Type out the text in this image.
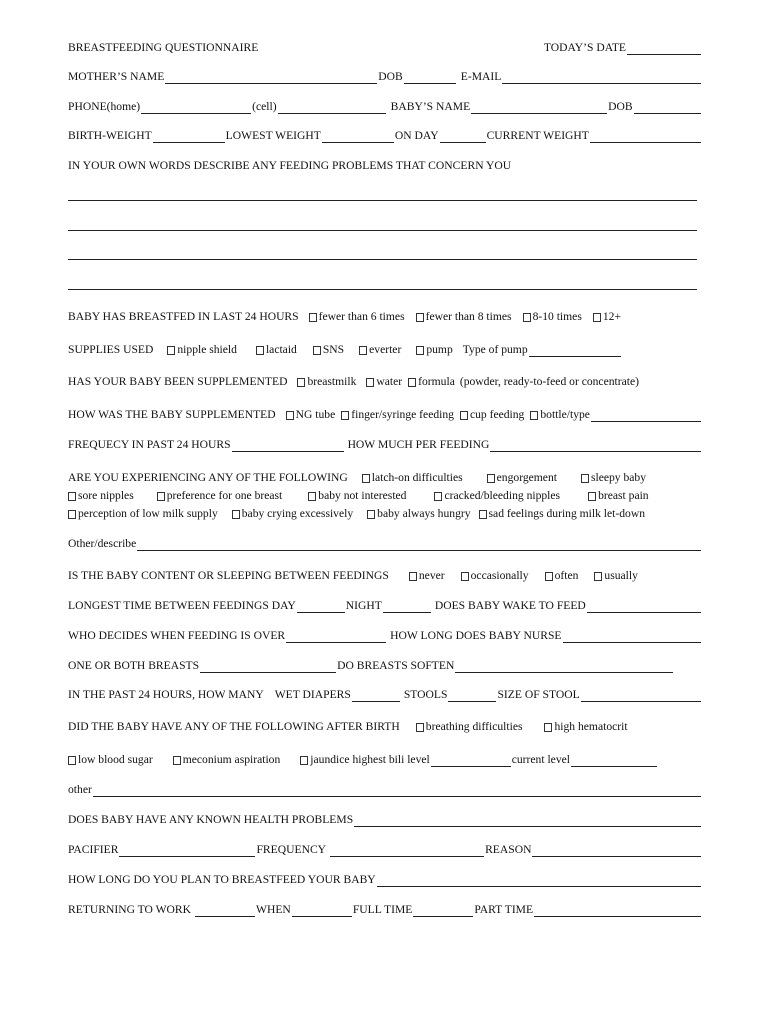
BREASTFEEDING QUESTIONNAIRE	TODAY’S DATE
MOTHER’S NAME	DOB	E-MAIL
PHONE(home)	(cell)	BABY’S NAME	DOB
BIRTH-WEIGHT	LOWEST WEIGHT	ON DAY	CURRENT WEIGHT
IN YOUR OWN WORDS DESCRIBE ANY FEEDING PROBLEMS THAT CONCERN YOU
BABY HAS BREASTFED IN LAST 24 HOURS fewer than 6 times fewer than 8 times 8-10 times 12+
SUPPLIES USED nipple shield	lactaid SNS everter pump Type of pump
HAS YOUR BABY BEEN SUPPLEMENTED breastmilk water formula (powder, ready-to-feed or concentrate)
HOW WAS THE BABY SUPPLEMENTED NG tube finger/syringe feeding cup feeding bottle/type
FREQUECY IN PAST 24 HOURS	HOW MUCH PER FEEDING
ARE YOU EXPERIENCING ANY OF THE FOLLOWING latch-on difficulties	engorgement	sleepy baby
sore nipples	preference for one breast	baby not interested	cracked/bleeding nipples	breast pain
perception of low milk supply baby crying excessively baby always hungry sad feelings during milk let-down
Other/describe
IS THE BABY CONTENT OR SLEEPING BETWEEN FEEDINGS	never occasionally often usually
LONGEST TIME BETWEEN FEEDINGS DAY	NIGHT	DOES BABY WAKE TO FEED
WHO DECIDES WHEN FEEDING IS OVER	HOW LONG DOES BABY NURSE
ONE OR BOTH BREASTS	DO BREASTS SOFTEN
IN THE PAST 24 HOURS, HOW MANY WET DIAPERS	STOOLS	SIZE OF STOOL
DID THE BABY HAVE ANY OF THE FOLLOWING AFTER BIRTH breathing difficulties	high hematocrit
low blood sugar	meconium aspiration	jaundice highest bili level	current level
other
DOES BABY HAVE ANY KNOWN HEALTH PROBLEMS
PACIFIER	FREQUENCY	REASON
HOW LONG DO YOU PLAN TO BREASTFEED YOUR BABY
RETURNING TO WORK	WHEN	FULL TIME	PART TIME
